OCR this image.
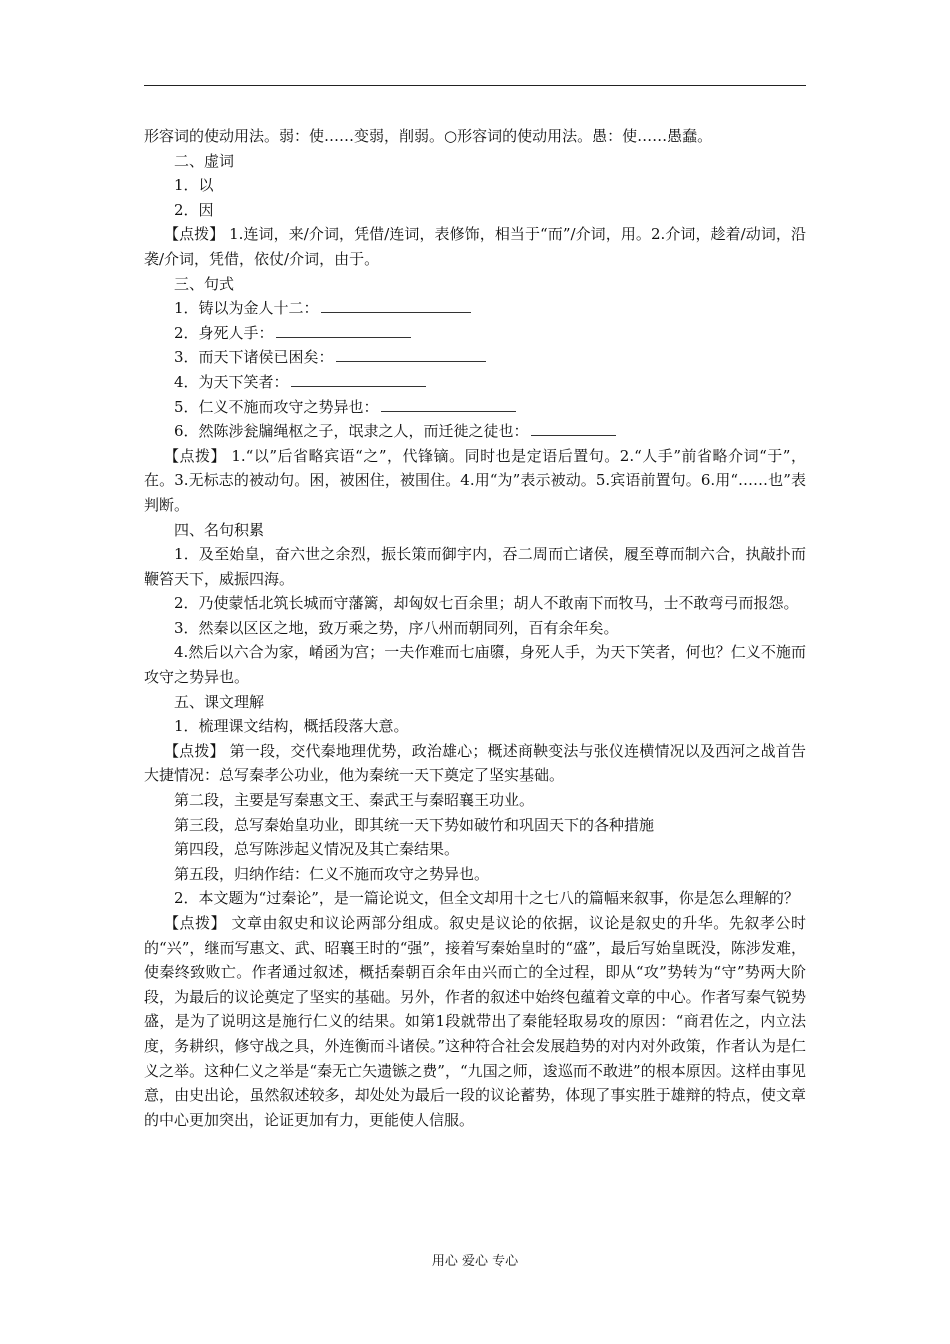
形容词的使动用法。弱：使……变弱，削弱。○形容词的使动用法。愚：使……愚蠢。

二、虚词

1．以

2．因

【点拨】 1.连词，来/介词，凭借/连词，表修饰，相当于“而”/介词，用。2.介词，趁着/动词，沿袭/介词，凭借，依仗/介词，由于。

三、句式

1．铸以为金人十二：

2．身死人手：

3．而天下诸侯已困矣：

4．为天下笑者：

5．仁义不施而攻守之势异也：

6．然陈涉瓮牖绳枢之子，氓隶之人，而迁徙之徒也：

【点拨】 1.“以”后省略宾语“之”，代锋镝。同时也是定语后置句。2.“人手”前省略介词“于”，在。3.无标志的被动句。困，被困住，被围住。4.用“为”表示被动。5.宾语前置句。6.用“……也”表判断。

四、名句积累

1．及至始皇，奋六世之余烈，振长策而御宇内，吞二周而亡诸侯，履至尊而制六合，执敲扑而鞭笞天下，威振四海。

2．乃使蒙恬北筑长城而守藩篱，却匈奴七百余里；胡人不敢南下而牧马，士不敢弯弓而报怨。

3．然秦以区区之地，致万乘之势，序八州而朝同列，百有余年矣。

4.然后以六合为家，崤函为宫；一夫作难而七庙隳，身死人手，为天下笑者，何也？仁义不施而攻守之势异也。

五、课文理解

1．梳理课文结构，概括段落大意。

【点拨】 第一段，交代秦地理优势，政治雄心；概述商鞅变法与张仪连横情况以及西河之战首告大捷情况：总写秦孝公功业，他为秦统一天下奠定了坚实基础。

第二段，主要是写秦惠文王、秦武王与秦昭襄王功业。

第三段，总写秦始皇功业，即其统一天下势如破竹和巩固天下的各种措施

第四段，总写陈涉起义情况及其亡秦结果。

第五段，归纳作结：仁义不施而攻守之势异也。

2．本文题为“过秦论”，是一篇论说文，但全文却用十之七八的篇幅来叙事，你是怎么理解的？

【点拨】 文章由叙史和议论两部分组成。叙史是议论的依据，议论是叙史的升华。先叙孝公时的“兴”，继而写惠文、武、昭襄王时的“强”，接着写秦始皇时的“盛”，最后写始皇既没，陈涉发难，使秦终致败亡。作者通过叙述，概括秦朝百余年由兴而亡的全过程，即从“攻”势转为“守”势两大阶段，为最后的议论奠定了坚实的基础。另外，作者的叙述中始终包蕴着文章的中心。作者写秦气锐势盛，是为了说明这是施行仁义的结果。如第1段就带出了秦能轻取易攻的原因：“商君佐之，内立法度，务耕织，修守战之具，外连衡而斗诸侯。”这种符合社会发展趋势的对内对外政策，作者认为是仁义之举。这种仁义之举是“秦无亡矢遗镞之费”，“九国之师，逡巡而不敢进”的根本原因。这样由事见意，由史出论，虽然叙述较多，却处处为最后一段的议论蓄势，体现了事实胜于雄辩的特点，使文章的中心更加突出，论证更加有力，更能使人信服。

用心 爱心 专心
